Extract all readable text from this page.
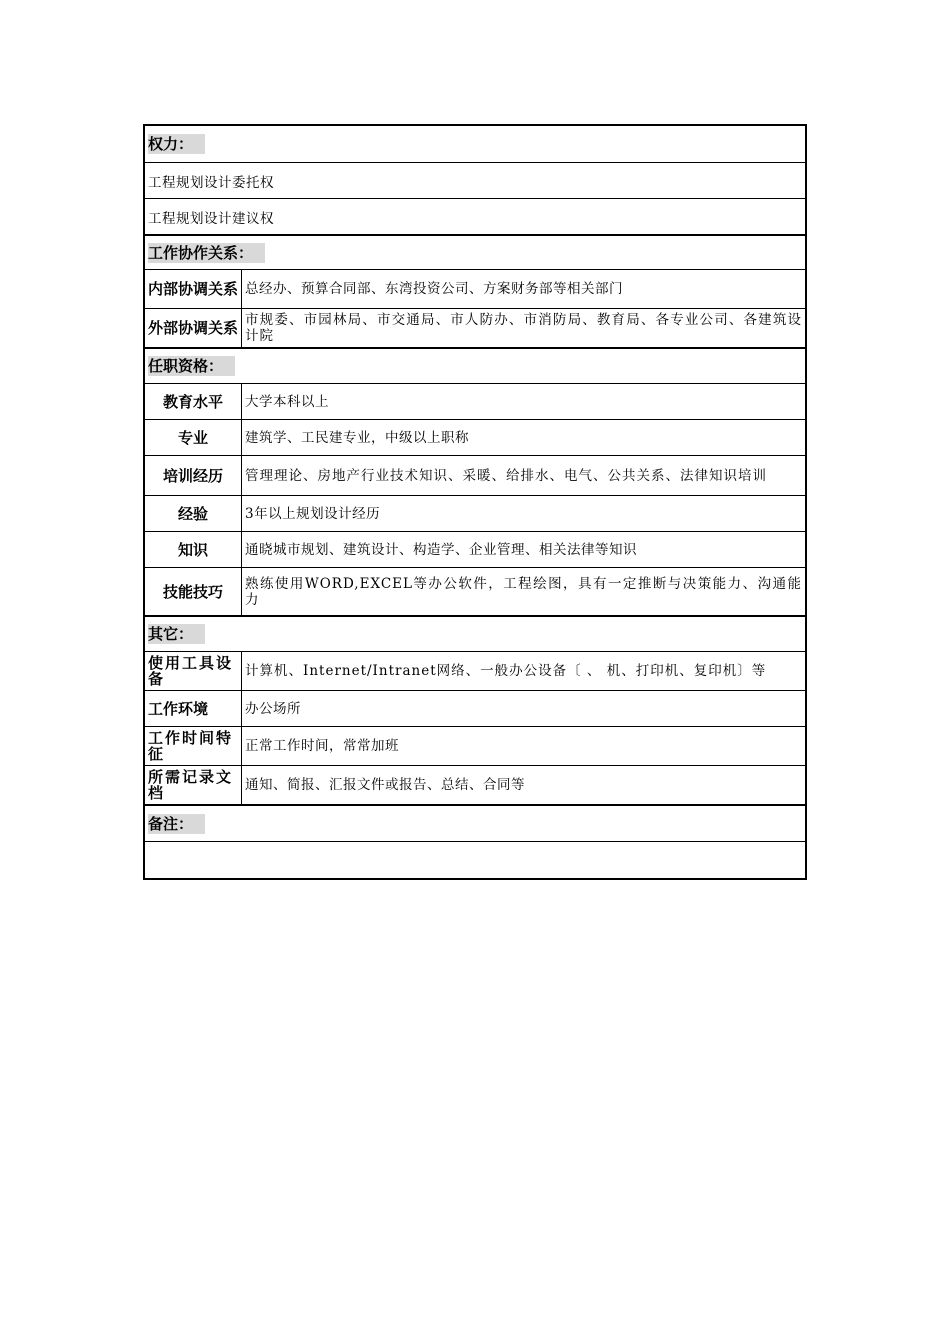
权力：
工程规划设计委托权
工程规划设计建议权
工作协作关系：
内部协调关系 总经办、预算合同部、东湾投资公司、方案财务部等相关部门
外部协调关系 市规委、市园林局、市交通局、市人防办、市消防局、教育局、各专业公司、各建筑设计院
任职资格：
教育水平	大学本科以上
专业	建筑学、工民建专业，中级以上职称
培训经历	管理理论、房地产行业技术知识、采暖、给排水、电气、公共关系、法律知识培训
经验	3年以上规划设计经历
知识	通晓城市规划、建筑设计、构造学、企业管理、相关法律等知识
技能技巧	熟练使用WORD,EXCEL等办公软件，工程绘图，具有一定推断与决策能力、沟通能力
其它：
使用工具设备	计算机、Internet/Intranet网络、一般办公设备〔 、 机、打印机、复印机〕等
工作环境	办公场所
工作时间特征	正常工作时间，常常加班
所需记录文档	通知、简报、汇报文件或报告、总结、合同等
备注：
